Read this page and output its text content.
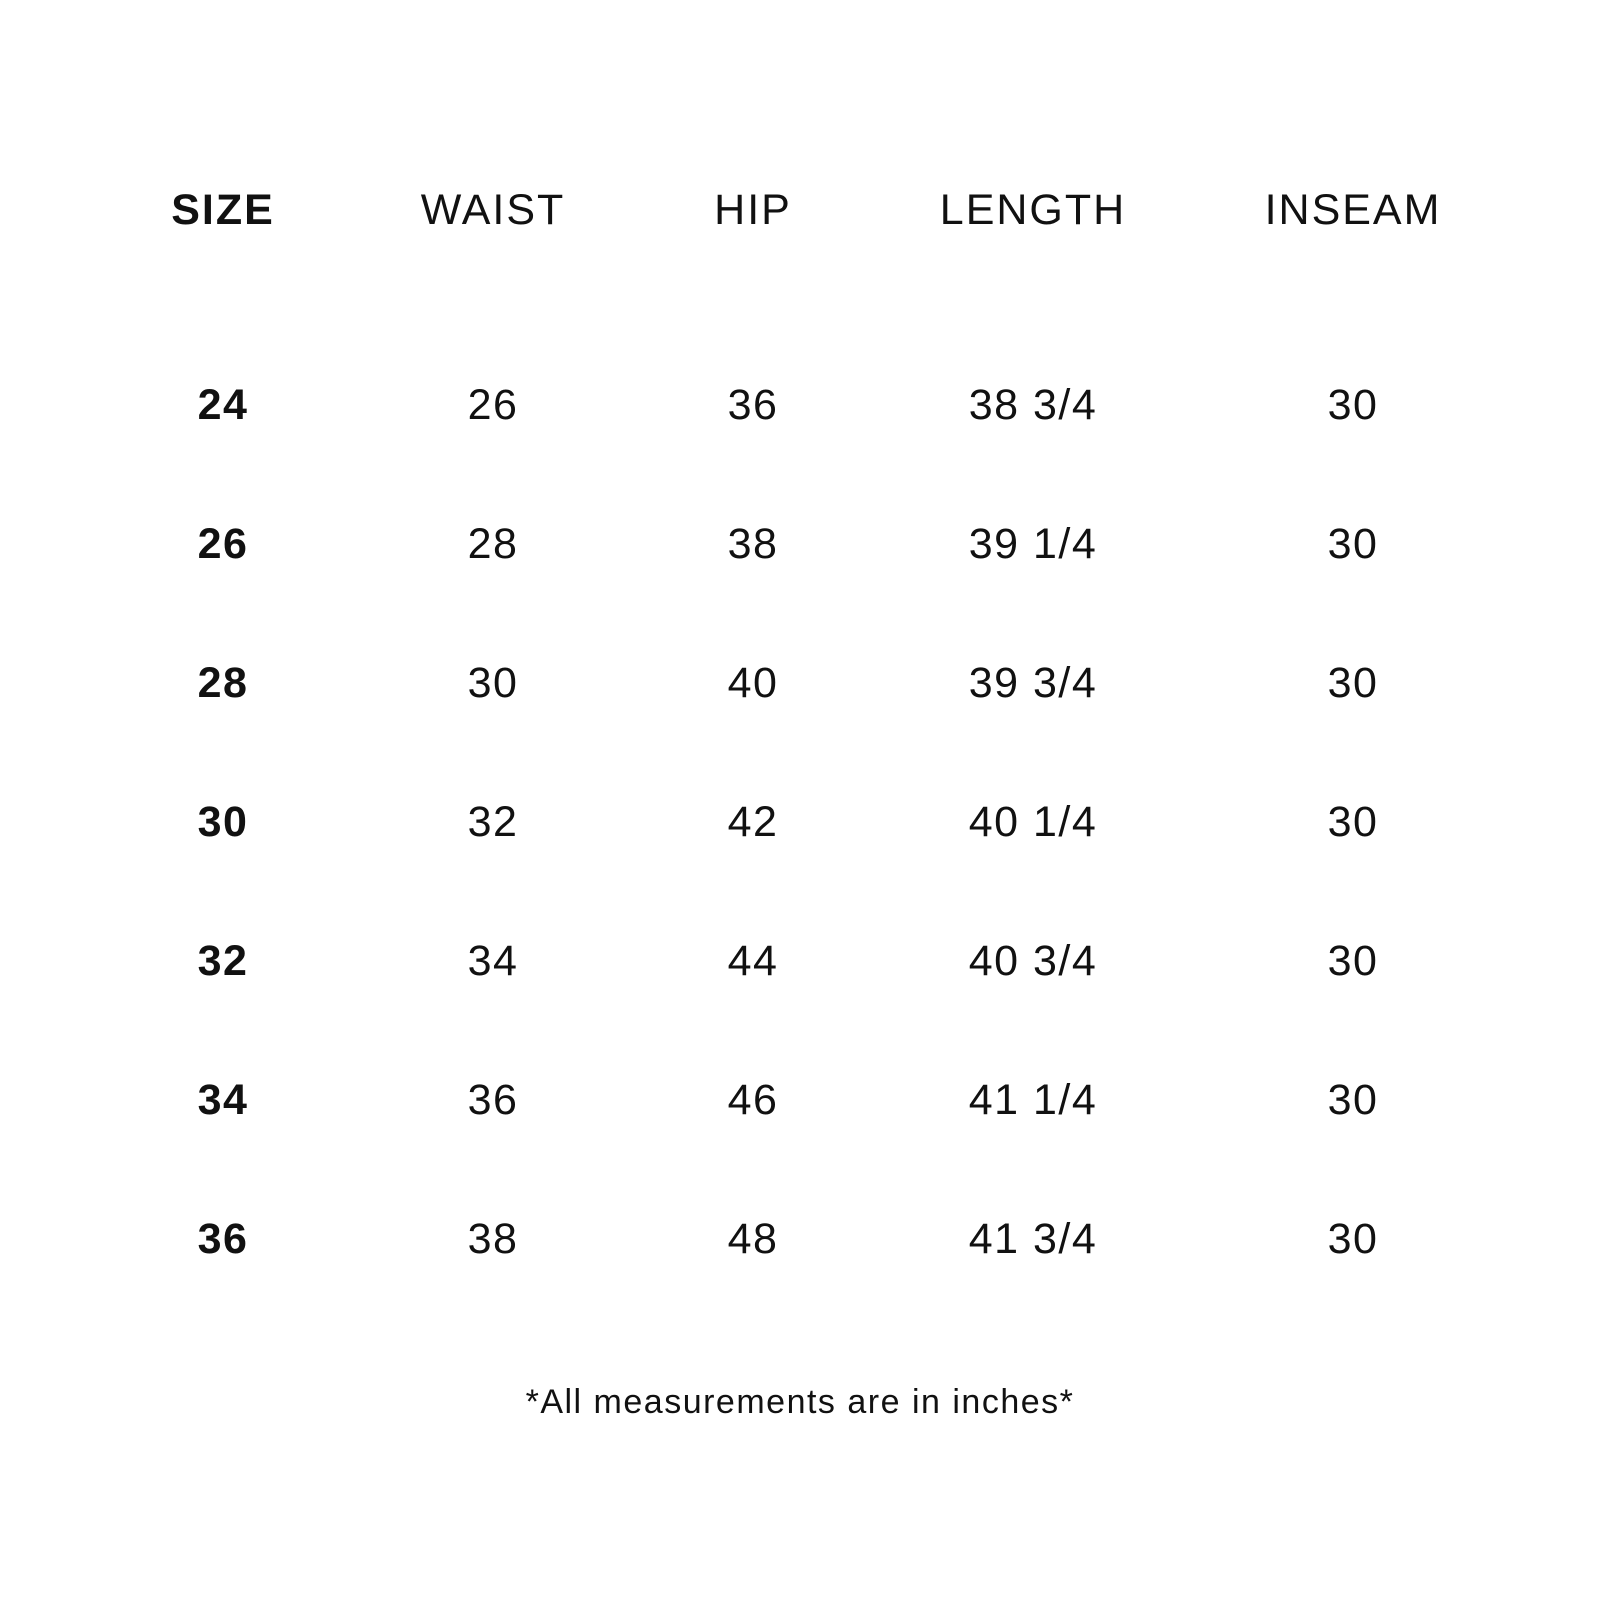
SIZE	WAIST	HIP	LENGTH	INSEAM
24	26	36	38 3/4	30
26	28	38	39 1/4	30
28	30	40	39 3/4	30
30	32	42	40 1/4	30
32	34	44	40 3/4	30
34	36	46	41 1/4	30
36	38	48	41 3/4	30
*All measurements are in inches*
